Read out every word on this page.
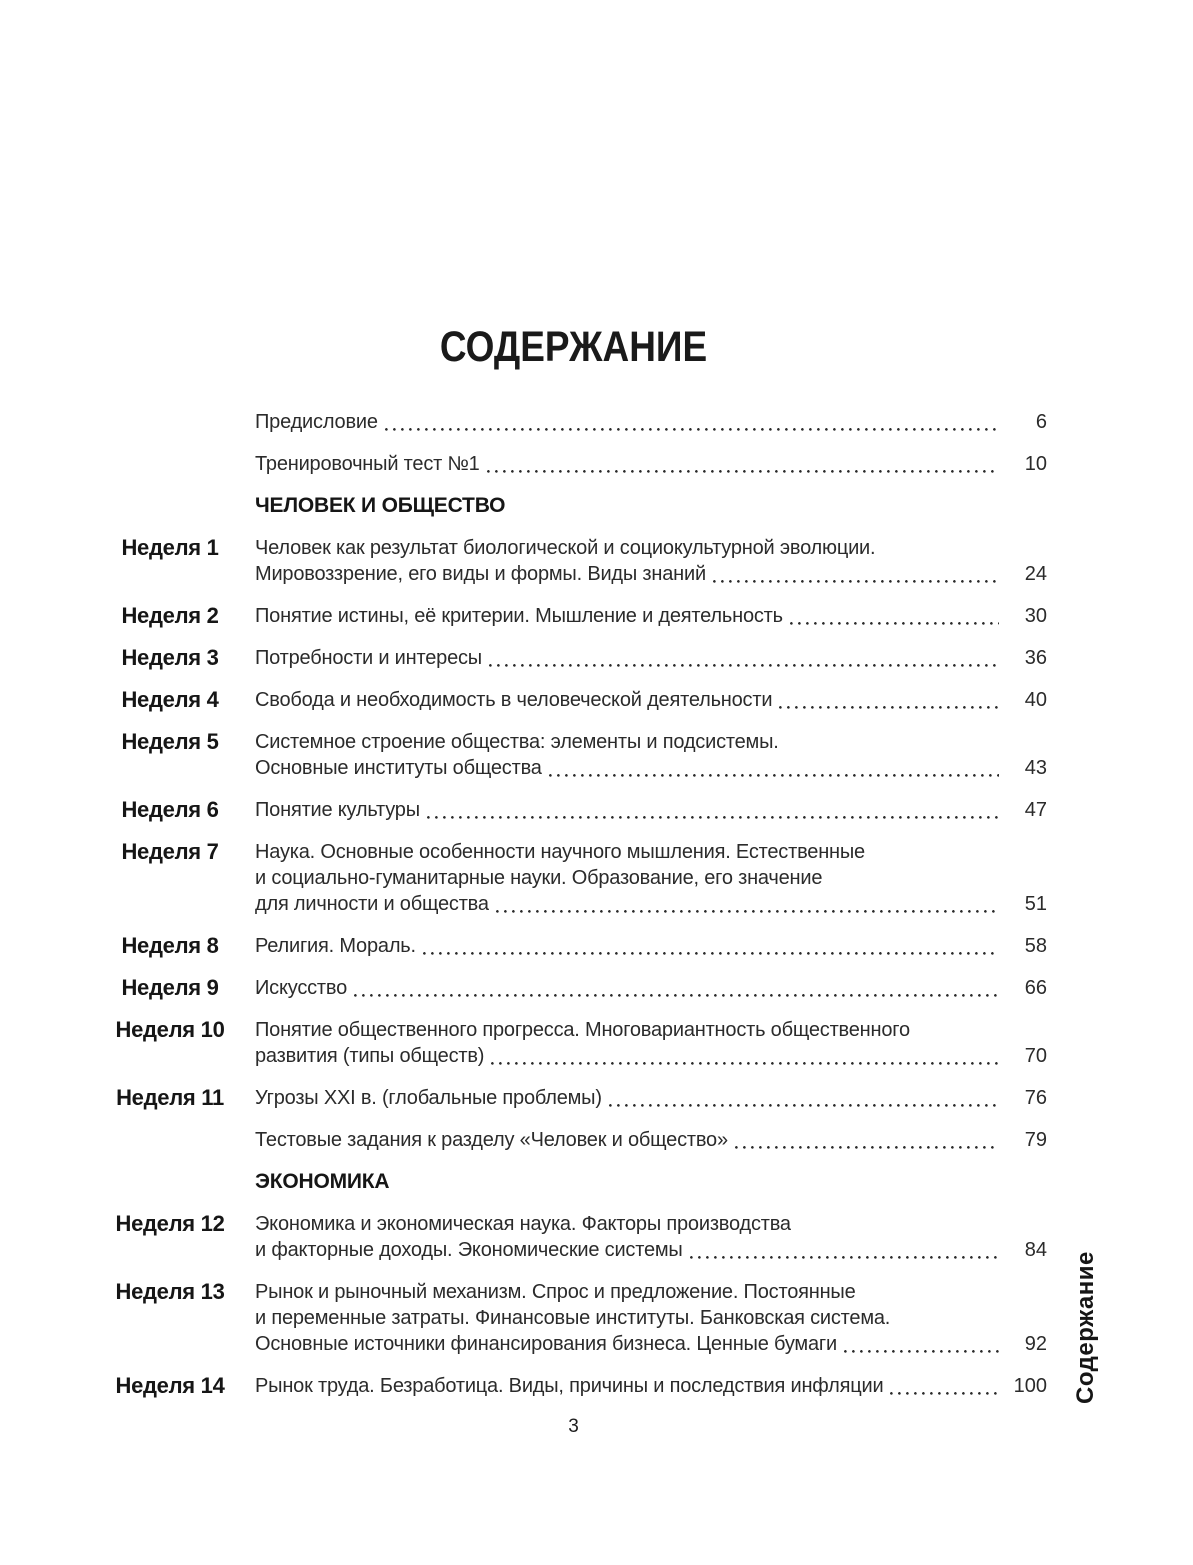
СОДЕРЖАНИЕ
Предисловие	6
Тренировочный тест №1	10
ЧЕЛОВЕК И ОБЩЕСТВО
Неделя 1	Человек как результат биологической и социокультурной эволюции.
Мировоззрение, его виды и формы. Виды знаний	24
Неделя 2	Понятие истины, её критерии. Мышление и деятельность	30
Неделя 3	Потребности и интересы	36
Неделя 4	Свобода и необходимость в человеческой деятельности	40
Неделя 5	Системное строение общества: элементы и подсистемы.
Основные институты общества	43
Неделя 6	Понятие культуры	47
Неделя 7	Наука. Основные особенности научного мышления. Естественные
и социально-гуманитарные науки. Образование, его значение
для личности и общества	51
Неделя 8	Религия. Мораль.	58
Неделя 9	Искусство	66
Неделя 10	Понятие общественного прогресса. Многовариантность общественного
развития (типы обществ)	70
Неделя 11	Угрозы XXI в. (глобальные проблемы)	76
Тестовые задания к разделу «Человек и общество»	79
ЭКОНОМИКА
Неделя 12	Экономика и экономическая наука. Факторы производства
и факторные доходы. Экономические системы	84
Неделя 13	Рынок и рыночный механизм. Спрос и предложение. Постоянные
и переменные затраты. Финансовые институты. Банковская система.
Основные источники финансирования бизнеса. Ценные бумаги	92
Неделя 14	Рынок труда. Безработица. Виды, причины и последствия инфляции	100
3
Содержание
